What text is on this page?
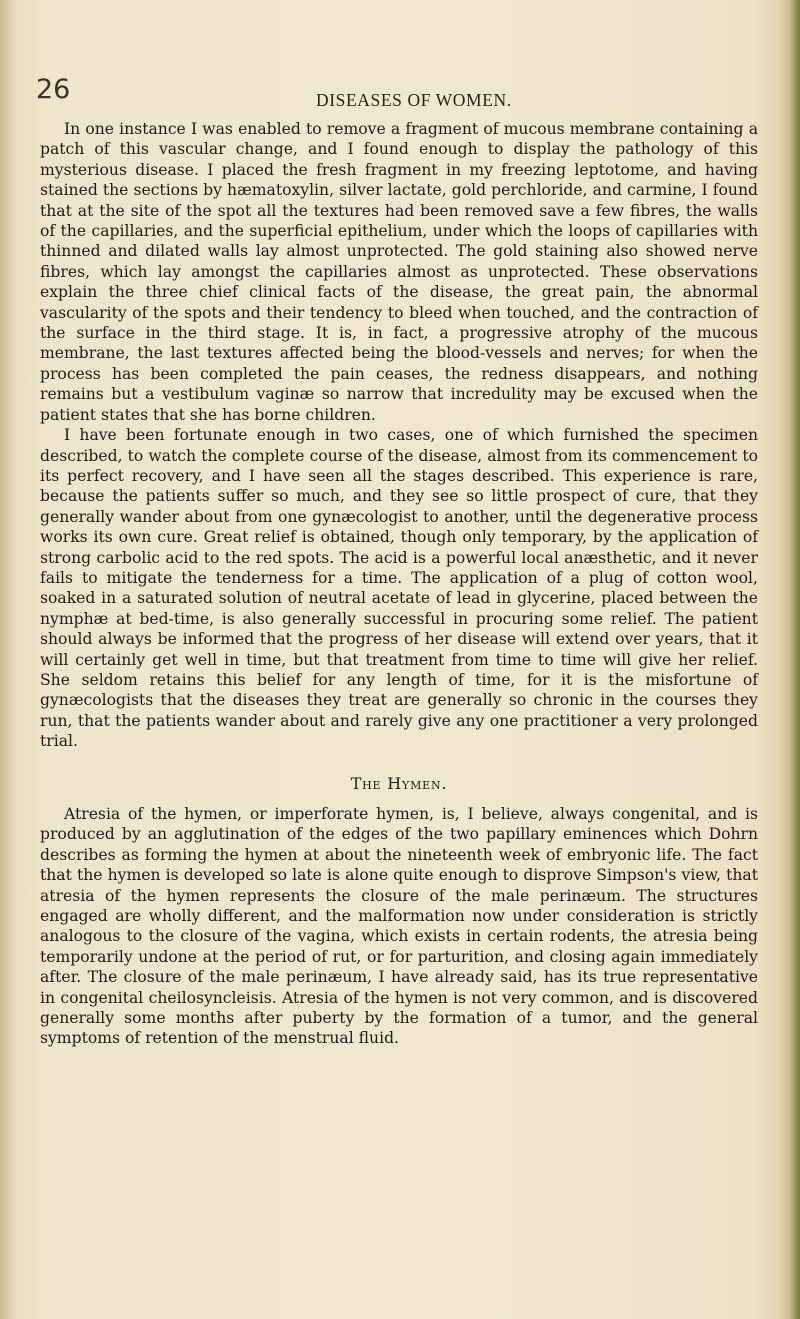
26	DISEASES OF WOMEN.

In one instance I was enabled to remove a fragment of mucous membrane containing a patch of this vascular change, and I found enough to display the pathology of this mysterious disease. I placed the fresh fragment in my freezing leptotome, and having stained the sections by hæmatoxylin, silver lactate, gold perchloride, and carmine, I found that at the site of the spot all the textures had been removed save a few fibres, the walls of the capillaries, and the superficial epithelium, under which the loops of capillaries with thinned and dilated walls lay almost unprotected. The gold staining also showed nerve fibres, which lay amongst the capillaries almost as unprotected. These observations explain the three chief clinical facts of the disease, the great pain, the abnormal vascularity of the spots and their tendency to bleed when touched, and the contraction of the surface in the third stage. It is, in fact, a progressive atrophy of the mucous membrane, the last textures affected being the blood-vessels and nerves; for when the process has been completed the pain ceases, the redness disappears, and nothing remains but a vestibulum vaginæ so narrow that incredulity may be excused when the patient states that she has borne children.

I have been fortunate enough in two cases, one of which furnished the specimen described, to watch the complete course of the disease, almost from its commencement to its perfect recovery, and I have seen all the stages described. This experience is rare, because the patients suffer so much, and they see so little prospect of cure, that they generally wander about from one gynæcologist to another, until the degenerative process works its own cure. Great relief is obtained, though only temporary, by the application of strong carbolic acid to the red spots. The acid is a powerful local anæsthetic, and it never fails to mitigate the tenderness for a time. The application of a plug of cotton wool, soaked in a saturated solution of neutral acetate of lead in glycerine, placed between the nymphæ at bed-time, is also generally successful in procuring some relief. The patient should always be informed that the progress of her disease will extend over years, that it will certainly get well in time, but that treatment from time to time will give her relief. She seldom retains this belief for any length of time, for it is the misfortune of gynæcologists that the diseases they treat are generally so chronic in the courses they run, that the patients wander about and rarely give any one practitioner a very prolonged trial.

The Hymen.

Atresia of the hymen, or imperforate hymen, is, I believe, always congenital, and is produced by an agglutination of the edges of the two papillary eminences which Dohrn describes as forming the hymen at about the nineteenth week of embryonic life. The fact that the hymen is developed so late is alone quite enough to disprove Simpson's view, that atresia of the hymen represents the closure of the male perinæum. The structures engaged are wholly different, and the malformation now under consideration is strictly analogous to the closure of the vagina, which exists in certain rodents, the atresia being temporarily undone at the period of rut, or for parturition, and closing again immediately after. The closure of the male perinæum, I have already said, has its true representative in congenital cheilosyncleisis. Atresia of the hymen is not very common, and is discovered generally some months after puberty by the formation of a tumor, and the general symptoms of retention of the menstrual fluid.
